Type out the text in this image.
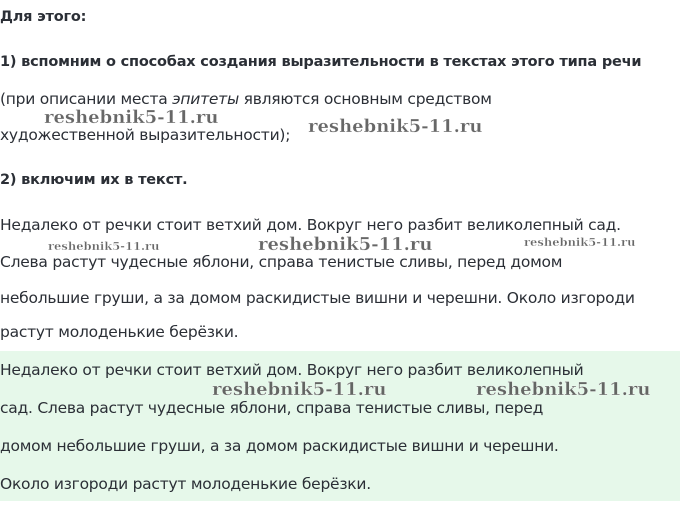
Для этого:
1) вспомним о способах создания выразительности в текстах этого типа речи
(при описании места эпитеты являются основным средством
художественной выразительности);
2) включим их в текст.
Недалеко от речки стоит ветхий дом. Вокруг него разбит великолепный сад.
Слева растут чудесные яблони, справа тенистые сливы, перед домом
небольшие груши, а за домом раскидистые вишни и черешни. Около изгороди
растут молоденькие берёзки.
Недалеко от речки стоит ветхий дом. Вокруг него разбит великолепный
сад. Слева растут чудесные яблони, справа тенистые сливы, перед
домом небольшие груши, а за домом раскидистые вишни и черешни.
Около изгороди растут молоденькие берёзки.
reshebnik5-11.ru	reshebnik5-11.ru
reshebnik5-11.ru	reshebnik5-11.ru	reshebnik5-11.ru
reshebnik5-11.ru	reshebnik5-11.ru
